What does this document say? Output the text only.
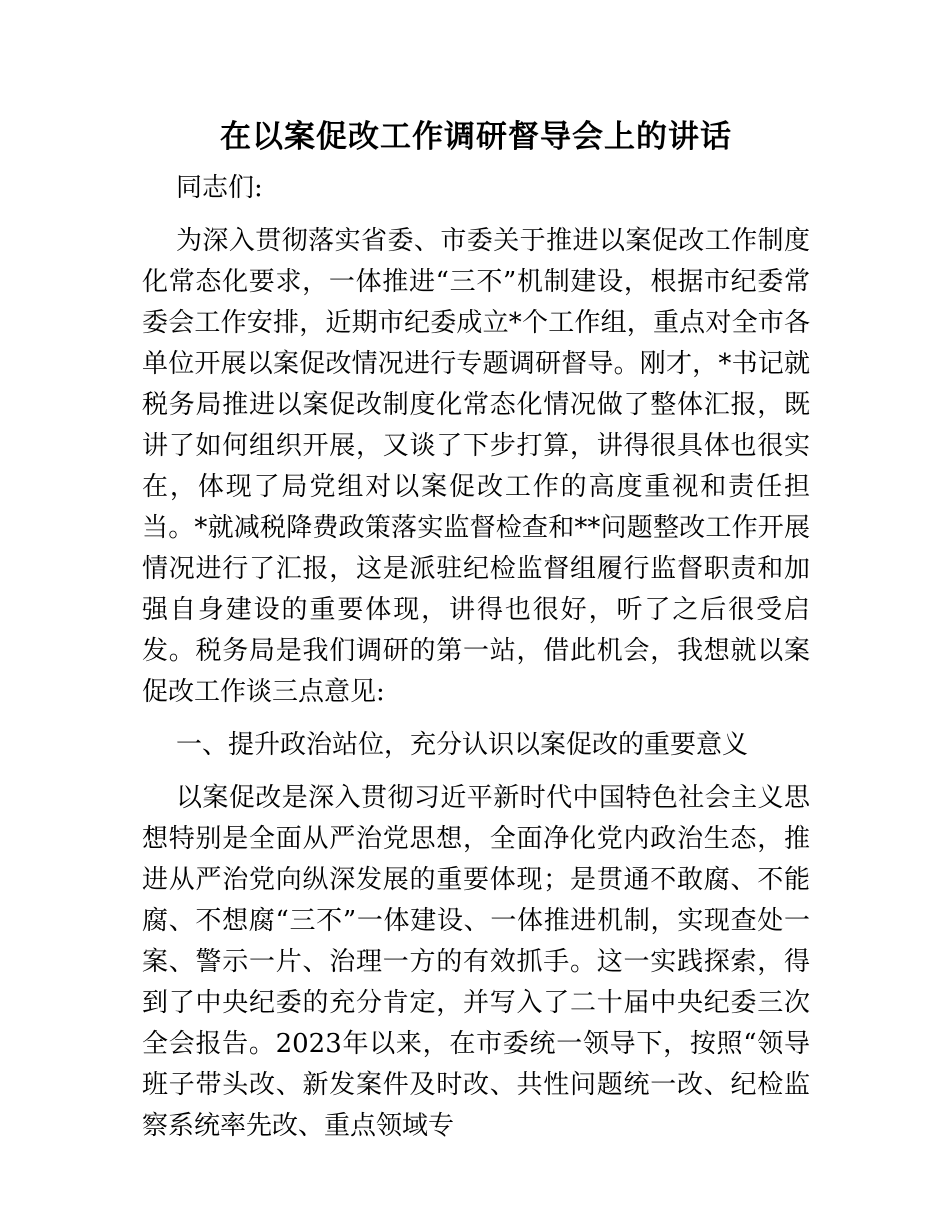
在以案促改工作调研督导会上的讲话

同志们:

为深入贯彻落实省委、市委关于推进以案促改工作制度化常态化要求，一体推进“三不”机制建设，根据市纪委常委会工作安排，近期市纪委成立*个工作组，重点对全市各单位开展以案促改情况进行专题调研督导。刚才，*书记就税务局推进以案促改制度化常态化情况做了整体汇报，既讲了如何组织开展，又谈了下步打算，讲得很具体也很实在，体现了局党组对以案促改工作的高度重视和责任担当。*就减税降费政策落实监督检查和**问题整改工作开展情况进行了汇报，这是派驻纪检监督组履行监督职责和加强自身建设的重要体现，讲得也很好，听了之后很受启发。税务局是我们调研的第一站，借此机会，我想就以案促改工作谈三点意见:

一、提升政治站位，充分认识以案促改的重要意义

以案促改是深入贯彻习近平新时代中国特色社会主义思想特别是全面从严治党思想，全面净化党内政治生态，推进从严治党向纵深发展的重要体现；是贯通不敢腐、不能腐、不想腐“三不”一体建设、一体推进机制，实现查处一案、警示一片、治理一方的有效抓手。这一实践探索，得到了中央纪委的充分肯定，并写入了二十届中央纪委三次全会报告。2023年以来，在市委统一领导下，按照“领导班子带头改、新发案件及时改、共性问题统一改、纪检监察系统率先改、重点领域专
